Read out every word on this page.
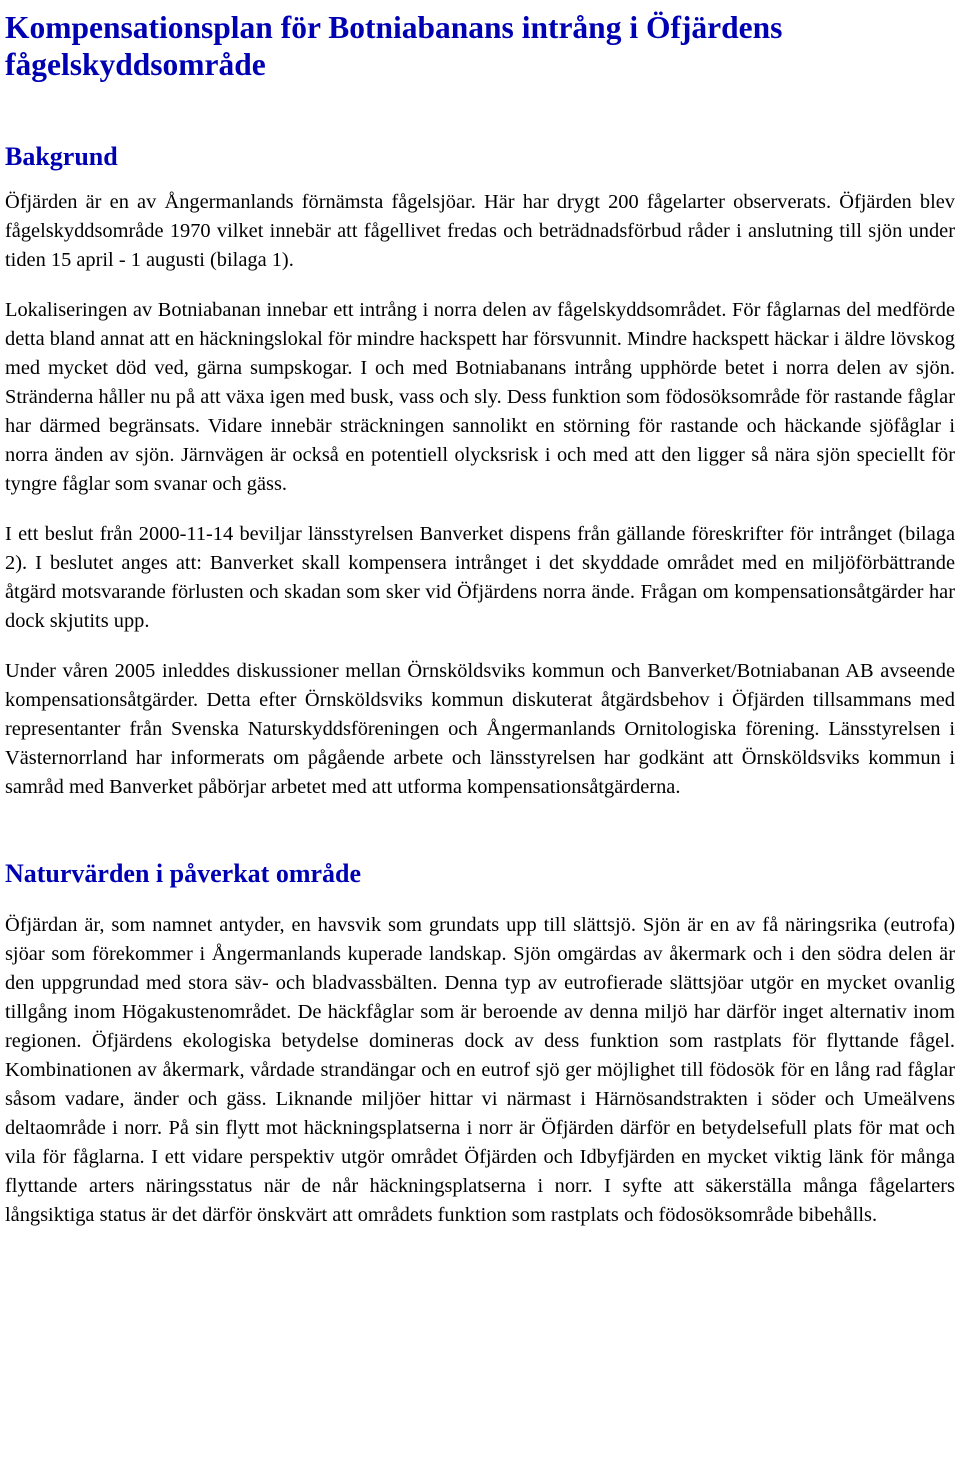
Kompensationsplan för Botniabanans intrång i Öfjärdens fågelskyddsområde
Bakgrund

Öfjärden är en av Ångermanlands förnämsta fågelsjöar. Här har drygt 200 fågelarter observerats. Öfjärden blev fågelskyddsområde 1970 vilket innebär att fågellivet fredas och beträdnadsförbud råder i anslutning till sjön under tiden 15 april - 1 augusti (bilaga 1).

Lokaliseringen av Botniabanan innebar ett intrång i norra delen av fågelskyddsområdet. För fåglarnas del medförde detta bland annat att en häckningslokal för mindre hackspett har försvunnit. Mindre hackspett häckar i äldre lövskog med mycket död ved, gärna sumpskogar. I och med Botniabanans intrång upphörde betet i norra delen av sjön. Stränderna håller nu på att växa igen med busk, vass och sly. Dess funktion som födosöksområde för rastande fåglar har därmed begränsats. Vidare innebär sträckningen sannolikt en störning för rastande och häckande sjöfåglar i norra änden av sjön. Järnvägen är också en potentiell olycksrisk i och med att den ligger så nära sjön speciellt för tyngre fåglar som svanar och gäss.

I ett beslut från 2000-11-14 beviljar länsstyrelsen Banverket dispens från gällande föreskrifter för intrånget (bilaga 2). I beslutet anges att: Banverket skall kompensera intrånget i det skyddade området med en miljöförbättrande åtgärd motsvarande förlusten och skadan som sker vid Öfjärdens norra ände. Frågan om kompensationsåtgärder har dock skjutits upp.

Under våren 2005 inleddes diskussioner mellan Örnsköldsviks kommun och Banverket/Botniabanan AB avseende kompensationsåtgärder. Detta efter Örnsköldsviks kommun diskuterat åtgärdsbehov i Öfjärden tillsammans med representanter från Svenska Naturskyddsföreningen och Ångermanlands Ornitologiska förening. Länsstyrelsen i Västernorrland har informerats om pågående arbete och länsstyrelsen har godkänt att Örnsköldsviks kommun i samråd med Banverket påbörjar arbetet med att utforma kompensationsåtgärderna.

Naturvärden i påverkat område

Öfjärdan är, som namnet antyder, en havsvik som grundats upp till slättsjö. Sjön är en av få näringsrika (eutrofa) sjöar som förekommer i Ångermanlands kuperade landskap. Sjön omgärdas av åkermark och i den södra delen är den uppgrundad med stora säv- och bladvassbälten. Denna typ av eutrofierade slättsjöar utgör en mycket ovanlig tillgång inom Högakustenområdet. De häckfåglar som är beroende av denna miljö har därför inget alternativ inom regionen. Öfjärdens ekologiska betydelse domineras dock av dess funktion som rastplats för flyttande fågel. Kombinationen av åkermark, vårdade strandängar och en eutrof sjö ger möjlighet till födosök för en lång rad fåglar såsom vadare, änder och gäss. Liknande miljöer hittar vi närmast i Härnösandstrakten i söder och Umeälvens deltaområde i norr. På sin flytt mot häckningsplatserna i norr är Öfjärden därför en betydelsefull plats för mat och vila för fåglarna. I ett vidare perspektiv utgör området Öfjärden och Idbyfjärden en mycket viktig länk för många flyttande arters näringsstatus när de når häckningsplatserna i norr. I syfte att säkerställa många fågelarters långsiktiga status är det därför önskvärt att områdets funktion som rastplats och födosöksområde bibehålls.
